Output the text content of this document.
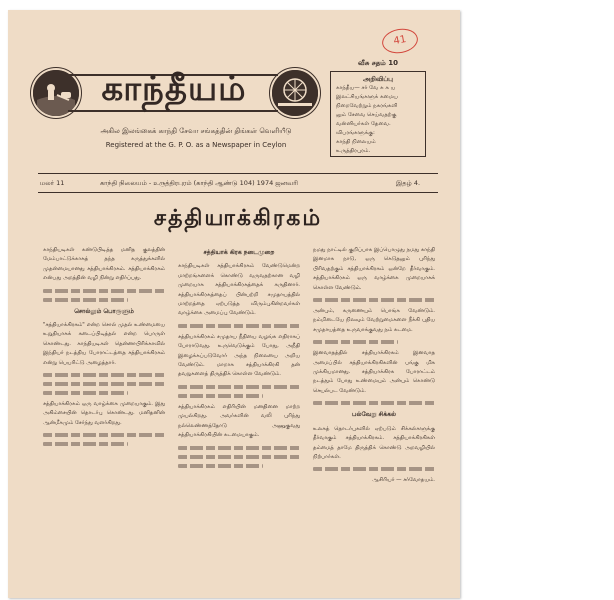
41
காந்தீயம்
அகில இலங்கைக் காந்தி சேவா சங்கத்தின் திங்கள் வெளியீடு
Registered at the G. P. O. as a Newspaper in Ceylon
வீசு சதம் 10
அறிவிப்பு
காந்தீய— சர் வே சு க ய
இலட்சியங்களுக் கமைய
நிறைவேற்றும் நகரங்களி
லும் சேவை செய்வதற்கு
வன்னியர்கள் தேவை.
விபரங்களுக்கு:
காந்தி நிலையம்
உருத்திரபுரம்.
மலர் 11	காந்தி நிலையம் - உருத்திரபுரம் (காந்தி ஆண்டு 104) 1974 ஜனவரி	இதழ் 4.
சத்தியாக்கிரகம்

காந்தியடிகள் கண்டுபிடித்த மனித குலத்தின் மேம்பாட்டுக்காகத் தந்த கருத்துக்களில் முதன்மையானது சத்தியாக்கிரகம். சத்தியாக்கிரகம் என்பது அறத்தின் வழி நின்று எதிர்ப்பது.

சொல்லும் பொருளும்

"சத்தியாக்கிரகம்" என்ற சொல் முதல் உண்மையை உறுதியாகக் கடைப்பிடித்தல் என்ற பொருள் கொண்டது. காந்தியடிகள் தென்னாபிரிக்காவில் இந்தியர் நடத்திய போராட்டத்தை சத்தியாக்கிரகம் என்று பெயரிட்டு அழைத்தார்.

சத்தியாக்கிரகம் ஒரு வாழ்க்கை முறையாகும். இது அகிம்சையின் தொடர்பு கொண்டது. மனிதனின் ஆன்மீகமும் சேர்ந்து வளர்கிறது.

சத்தியாக் கிரக நடைமுறை

காந்தியடிகள் சத்தியாக்கிரகம் வேண்டுமென்ற மாற்றங்களைக் கொண்டு வருவதற்கான வழி முறையாக சத்தியாக்கிரகத்தைக் கருதினார். சத்தியாக்கிரகத்தைப் பின்பற்றி சமுதாயத்தில் மாற்றத்தை ஏற்படுத்த விரும்புகின்றவர்கள் வாழ்க்கை அமைப்பு வேண்டும்.

சத்தியாக்கிரகம் சமுதாய நீதியை வழங்க எதிராகப் போராடுவது. உருவெடுக்கும் போது, அநீதி இழைக்கப்படுவோர் அந்த நிலையை அறிய வேண்டும். மாறாக சத்தியாக்கிரகி தன் தவறுகளைத் திருத்திக் கொள்ள வேண்டும்.

சத்தியாக்கிரகம் எதிரியின் மனதினை மாற்ற முயல்கிறது. அவர்களின் வலி புரிந்து நல்லெண்ணத்தோடு அணுகுவது சத்தியாக்கிரகியின் கடமையாகும்.

நமது நாட்டில் குறிப்பாக இப்பொழுது நமது காந்தி இனமாக நாடு, ஒரு கெடுதலும் புரிந்து பிரிவதற்கும் சத்தியாக்கிரகம் ஒன்றே தீர்வாகும். சத்தியாக்கிரகம் ஒரு வாழ்க்கை முறையாகக் கொள்ள வேண்டும்.

அன்பும், கருணையும் பொங்க வேண்டும். நம்மிடையே நிலவும் வேற்றுமைகளை நீக்கி புதிய சமுதாயத்தை உருவாக்குவது நம் கடமை.

இனவாதத்தில் சத்தியாக்கிரகம் இனவாத அமைப்பில் சத்தியாக்கிரகிகளின் பங்கு மிக முக்கியமானது. சத்தியாக்கிரக போராட்டம் நடத்தும் போது உண்மையும் அன்பும் கொண்டு செயல்பட வேண்டும்.

பல்வேறு சிக்கல்

உலகத் தொடர்புகளில் ஏற்படும் சிக்கல்களுக்கு தீர்வாகும் சத்தியாக்கிரகம். சத்தியாக்கிரகிகள் தம்மைத் தாமே திருத்திக் கொண்டு அறவழியில் நிற்பார்கள்.

ஆசிரியர் — சர்வோதயம்.
